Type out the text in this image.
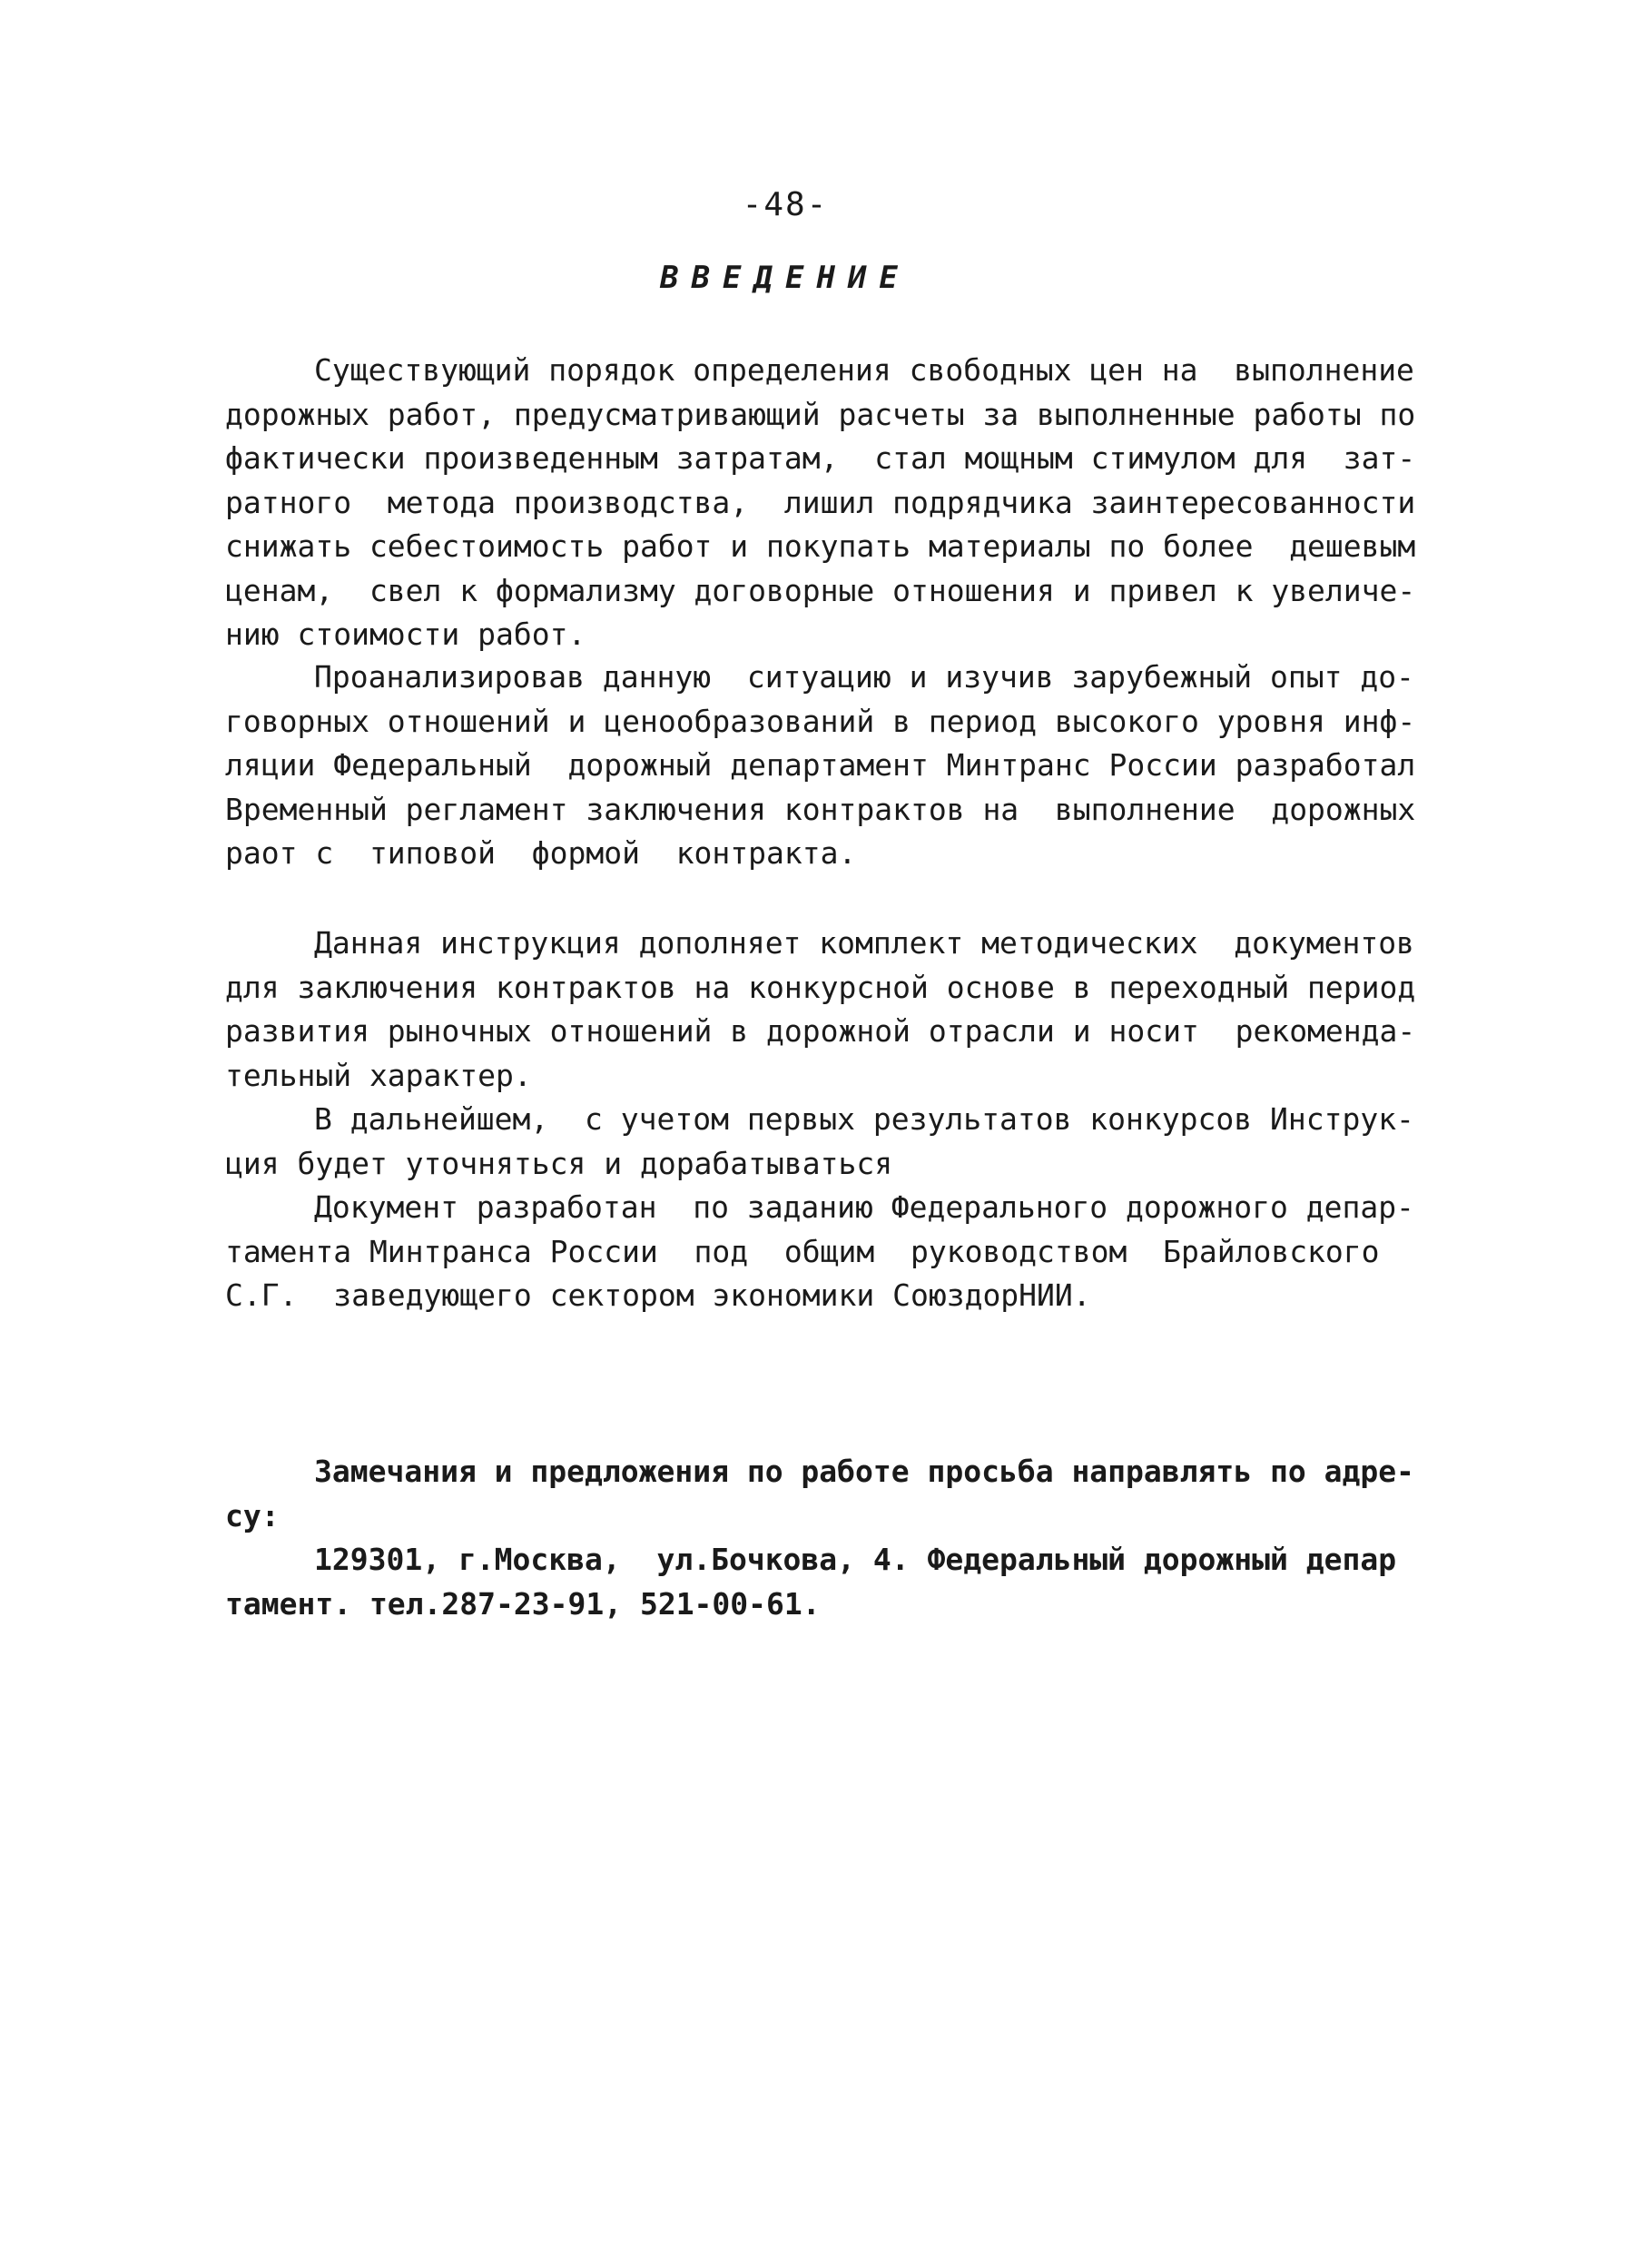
-48-
ВВЕДЕНИЕ
Существующий порядок определения свободных цен на  выполнение
дорожных работ, предусматривающий расчеты за выполненные работы по
фактически произведенным затратам,  стал мощным стимулом для  зат-
ратного  метода производства,  лишил подрядчика заинтересованности
снижать себестоимость работ и покупать материалы по более  дешевым
ценам,  свел к формализму договорные отношения и привел к увеличе-
нию стоимости работ.
Проанализировав данную  ситуацию и изучив зарубежный опыт до-
говорных отношений и ценообразований в период высокого уровня инф-
ляции Федеральный  дорожный департамент Минтранс России разработал
Временный регламент заключения контрактов на  выполнение  дорожных
раот с  типовой  формой  контракта.
Данная инструкция дополняет комплект методических  документов
для заключения контрактов на конкурсной основе в переходный период
развития рыночных отношений в дорожной отрасли и носит  рекоменда-
тельный характер.
В дальнейшем,  с учетом первых результатов конкурсов Инструк-
ция будет уточняться и дорабатываться
Документ разработан  по заданию Федерального дорожного депар-
тамента Минтранса России  под  общим  руководством  Брайловского
С.Г.  заведующего сектором экономики СоюздорНИИ.
Замечания и предложения по работе просьба направлять по адре-
су:
129301, г.Москва,  ул.Бочкова, 4. Федеральный дорожный депар
тамент. тел.287-23-91, 521-00-61.
